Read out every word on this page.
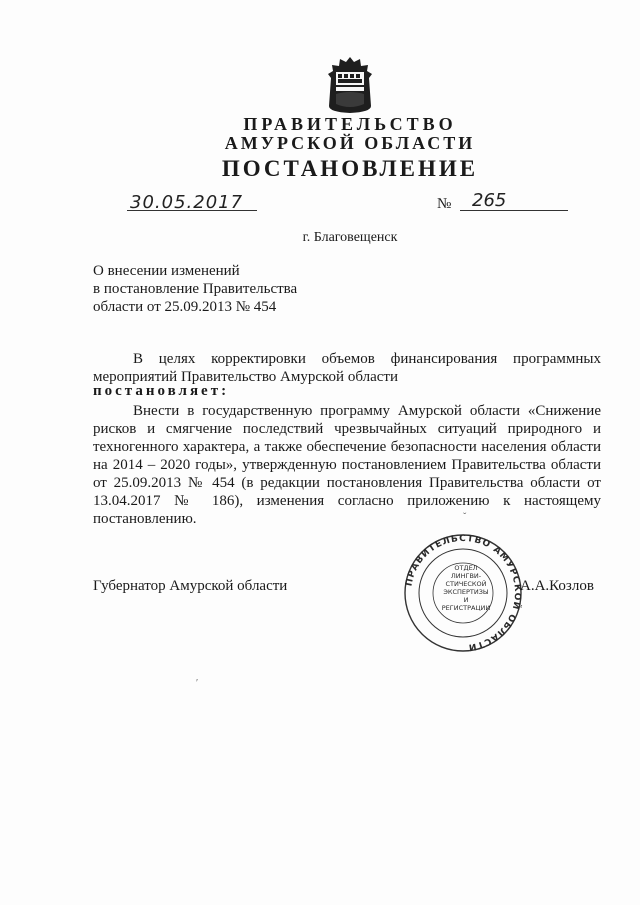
ПРАВИТЕЛЬСТВО
АМУРСКОЙ ОБЛАСТИ
ПОСТАНОВЛЕНИЕ
30.05.2017	№ 265
г. Благовещенск
О внесении изменений
в постановление Правительства
области от 25.09.2013 № 454
В целях корректировки объемов финансирования программных мероприятий Правительство Амурской области
постановляет:
Внести в государственную программу Амурской области «Снижение рисков и смягчение последствий чрезвычайных ситуаций природного и техногенного характера, а также обеспечение безопасности населения области на 2014 – 2020 годы», утвержденную постановлением Правительства области от 25.09.2013 № 454 (в редакции постановления Правительства области от 13.04.2017 № 186), изменения согласно приложению к настоящему постановлению.
Губернатор Амурской области	ПРАВИТЕЛЬСТВО АМУРСКОЙ ОБЛАСТИ
ОТДЕЛ
ЛИНГВИ-
СТИЧЕСКОЙ
ЭКСПЕРТИЗЫ И
РЕГИСТРАЦИИ
А.А.Козлов
ˇ
ʹ
